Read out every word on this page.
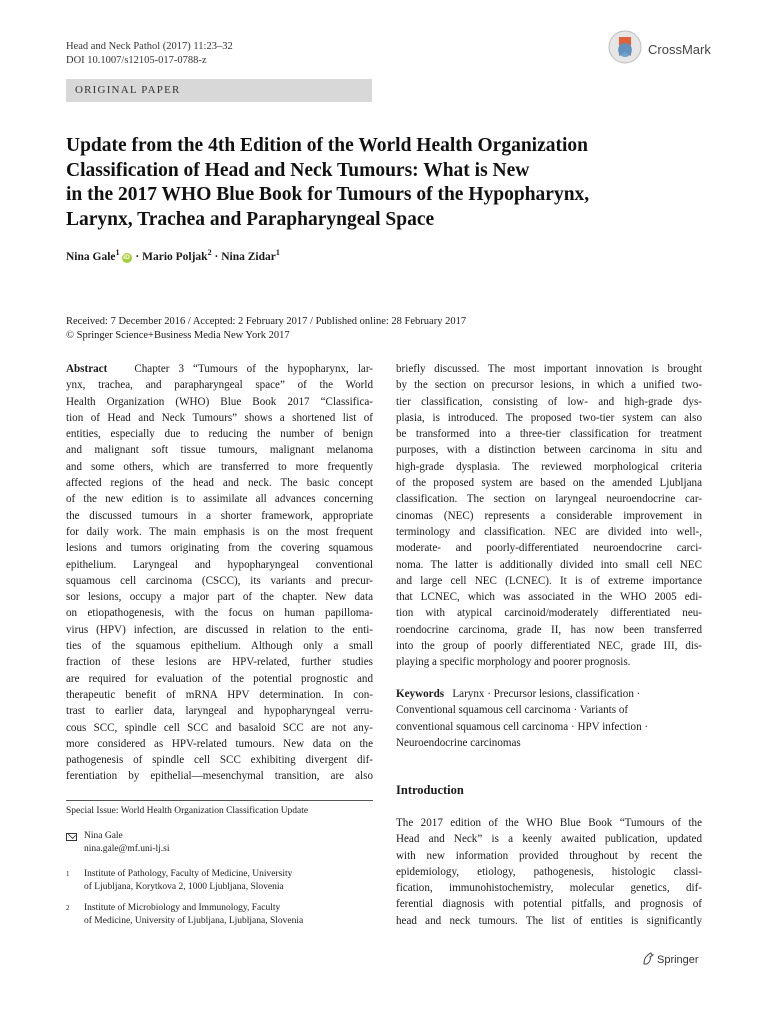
Head and Neck Pathol (2017) 11:23–32
DOI 10.1007/s12105-017-0788-z
CrossMark
ORIGINAL PAPER
Update from the 4th Edition of the World Health Organization
Classification of Head and Neck Tumours: What is New
in the 2017 WHO Blue Book for Tumours of the Hypopharynx,
Larynx, Trachea and Parapharyngeal Space
Nina Gale$^1$iD · Mario Poljak$^2$ · Nina Zidar$^1$
Received: 7 December 2016 / Accepted: 2 February 2017 / Published online: 28 February 2017
© Springer Science+Business Media New York 2017
Abstract Chapter 3 “Tumours of the hypopharynx, lar-
ynx, trachea, and parapharyngeal space” of the World
Health Organization (WHO) Blue Book 2017 “Classifica-
tion of Head and Neck Tumours” shows a shortened list of
entities, especially due to reducing the number of benign
and malignant soft tissue tumours, malignant melanoma
and some others, which are transferred to more frequently
affected regions of the head and neck. The basic concept
of the new edition is to assimilate all advances concerning
the discussed tumours in a shorter framework, appropriate
for daily work. The main emphasis is on the most frequent
lesions and tumors originating from the covering squamous
epithelium. Laryngeal and hypopharyngeal conventional
squamous cell carcinoma (CSCC), its variants and precur-
sor lesions, occupy a major part of the chapter. New data
on etiopathogenesis, with the focus on human papilloma-
virus (HPV) infection, are discussed in relation to the enti-
ties of the squamous epithelium. Although only a small
fraction of these lesions are HPV-related, further studies
are required for evaluation of the potential prognostic and
therapeutic benefit of mRNA HPV determination. In con-
trast to earlier data, laryngeal and hypopharyngeal verru-
cous SCC, spindle cell SCC and basaloid SCC are not any-
more considered as HPV-related tumours. New data on the
pathogenesis of spindle cell SCC exhibiting divergent dif-
ferentiation by epithelial—mesenchymal transition, are also
briefly discussed. The most important innovation is brought
by the section on precursor lesions, in which a unified two-
tier classification, consisting of low- and high-grade dys-
plasia, is introduced. The proposed two-tier system can also
be transformed into a three-tier classification for treatment
purposes, with a distinction between carcinoma in situ and
high-grade dysplasia. The reviewed morphological criteria
of the proposed system are based on the amended Ljubljana
classification. The section on laryngeal neuroendocrine car-
cinomas (NEC) represents a considerable improvement in
terminology and classification. NEC are divided into well-,
moderate- and poorly-differentiated neuroendocrine carci-
noma. The latter is additionally divided into small cell NEC
and large cell NEC (LCNEC). It is of extreme importance
that LCNEC, which was associated in the WHO 2005 edi-
tion with atypical carcinoid/moderately differentiated neu-
roendocrine carcinoma, grade II, has now been transferred
into the group of poorly differentiated NEC, grade III, dis-
playing a specific morphology and poorer prognosis.
Keywords Larynx · Precursor lesions, classification ·
Conventional squamous cell carcinoma · Variants of
conventional squamous cell carcinoma · HPV infection ·
Neuroendocrine carcinomas
Introduction
The 2017 edition of the WHO Blue Book “Tumours of the
Head and Neck” is a keenly awaited publication, updated
with new information provided throughout by recent the
epidemiology, etiology, pathogenesis, histologic classi-
fication, immunohistochemistry, molecular genetics, dif-
ferential diagnosis with potential pitfalls, and prognosis of
head and neck tumours. The list of entities is significantly
Special Issue: World Health Organization Classification Update
Nina Gale
nina.gale@mf.uni-lj.si
1 Institute of Pathology, Faculty of Medicine, University
of Ljubljana, Korytkova 2, 1000 Ljubljana, Slovenia
2 Institute of Microbiology and Immunology, Faculty
of Medicine, University of Ljubljana, Ljubljana, Slovenia
Springer
